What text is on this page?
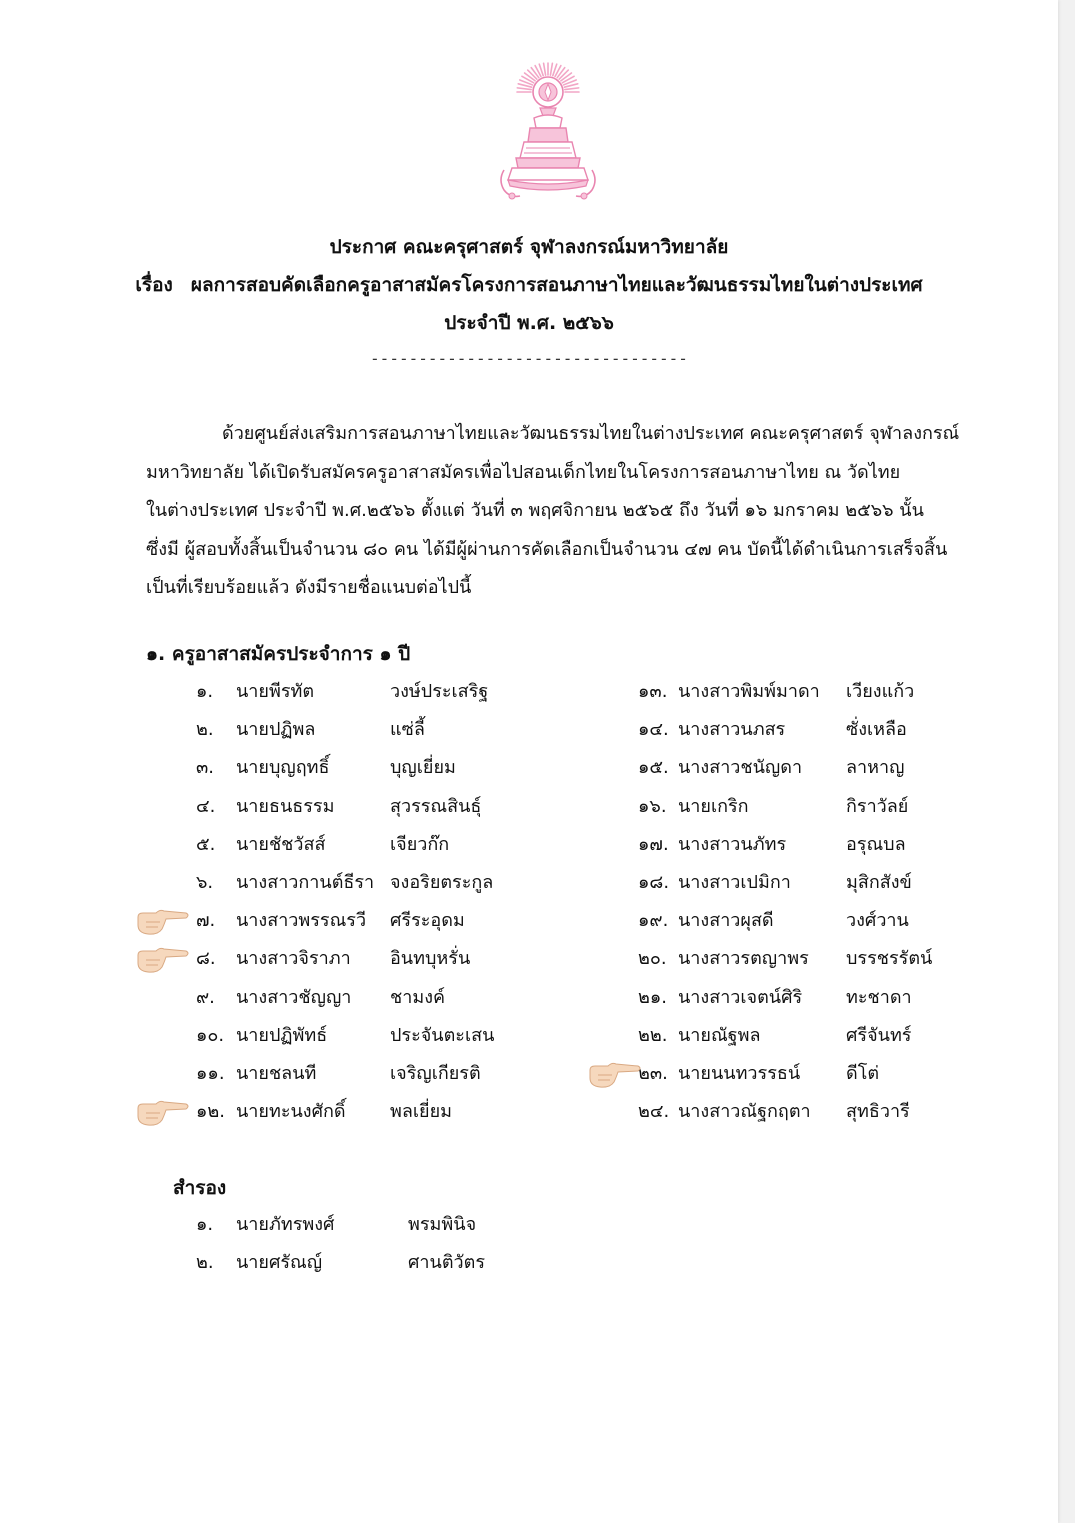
ประกาศ คณะครุศาสตร์ จุฬาลงกรณ์มหาวิทยาลัย
เรื่อง ผลการสอบคัดเลือกครูอาสาสมัครโครงการสอนภาษาไทยและวัฒนธรรมไทยในต่างประเทศ
ประจำปี พ.ศ. ๒๕๖๖
---------------------------------
ด้วยศูนย์ส่งเสริมการสอนภาษาไทยและวัฒนธรรมไทยในต่างประเทศ คณะครุศาสตร์ จุฬาลงกรณ์
มหาวิทยาลัย ได้เปิดรับสมัครครูอาสาสมัครเพื่อไปสอนเด็กไทยในโครงการสอนภาษาไทย ณ วัดไทย
ในต่างประเทศ ประจำปี พ.ศ.๒๕๖๖ ตั้งแต่ วันที่ ๓ พฤศจิกายน ๒๕๖๕ ถึง วันที่ ๑๖ มกราคม ๒๕๖๖ นั้น
ซึ่งมี ผู้สอบทั้งสิ้นเป็นจำนวน ๘๐ คน ได้มีผู้ผ่านการคัดเลือกเป็นจำนวน ๔๗ คน บัดนี้ได้ดำเนินการเสร็จสิ้น
เป็นที่เรียบร้อยแล้ว ดังมีรายชื่อแนบต่อไปนี้
๑. ครูอาสาสมัครประจำการ ๑ ปี
๑. นายพีรทัต	วงษ์ประเสริฐ
๒. นายปฏิพล	แซ่ลี้
๓. นายบุญฤทธิ์	บุญเยี่ยม
๔. นายธนธรรม	สุวรรณสินธุ์
๕. นายชัชวัสส์	เจียวก๊ก
๖. นางสาวกานต์ธีรา จงอริยตระกูล
๗. นางสาวพรรณรวี ศรีระอุดม
๘. นางสาวจิราภา อินทบุหรั่น
๙. นางสาวชัญญา ชามงค์
๑๐. นายปฏิพัทธ์	ประจันตะเสน
๑๑. นายชลนที	เจริญเกียรติ
๑๒. นายทะนงศักดิ์ พลเยี่ยม
๑๓. นางสาวพิมพ์มาดา เวียงแก้ว
๑๔. นางสาวนภสร	ซั่งเหลือ
๑๕. นางสาวชนัญดา ลาหาญ
๑๖. นายเกริก	กิราวัลย์
๑๗. นางสาวนภัทร	อรุณบล
๑๘. นางสาวเปมิกา	มุสิกสังข์
๑๙. นางสาวผุสดี	วงศ์วาน
๒๐. นางสาวรตญาพร บรรชรรัตน์
๒๑. นางสาวเจตน์ศิริ ทะชาดา
๒๒. นายณัฐพล	ศรีจันทร์
๒๓. นายนนทวรรธน์	ดีโต่
๒๔. นางสาวณัฐกฤตา สุทธิวารี
สำรอง
๑. นายภัทรพงศ์	พรมพินิจ
๒. นายศรัณญ์	ศานติวัตร
